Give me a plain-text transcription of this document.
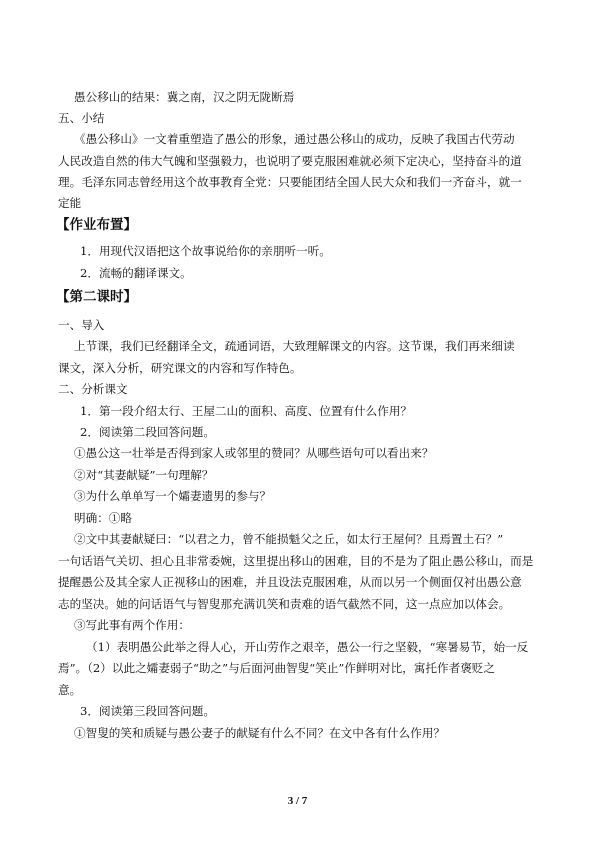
愚公移山的结果：冀之南，汉之阴无陇断焉
五、小结
《愚公移山》一文着重塑造了愚公的形象，通过愚公移山的成功，反映了我国古代劳动
人民改造自然的伟大气魄和坚强毅力，也说明了要克服困难就必须下定决心，坚持奋斗的道
理。毛泽东同志曾经用这个故事教育全党：只要能团结全国人民大众和我们一齐奋斗，就一
定能
【作业布置】
1．用现代汉语把这个故事说给你的亲朋听一听。
2．流畅的翻译课文。
【第二课时】
一、导入
上节课，我们已经翻译全文，疏通词语，大致理解课文的内容。这节课，我们再来细读
课文，深入分析，研究课文的内容和写作特色。
二、分析课文
1．第一段介绍太行、王屋二山的面积、高度、位置有什么作用？
2．阅读第二段回答问题。
①愚公这一壮举是否得到家人或邻里的赞同？从哪些语句可以看出来？
②对“其妻献疑”一句理解？
③为什么单单写一个孀妻遗男的参与？
明确：①略
②文中其妻献疑曰：“以君之力，曾不能损魁父之丘，如太行王屋何？且焉置土石？”
一句话语气关切、担心且非常委婉，这里提出移山的困难，目的不是为了阻止愚公移山，而是
提醒愚公及其全家人正视移山的困难，并且设法克服困难，从而以另一个侧面仅衬出愚公意
志的坚决。她的问话语气与智叟那充满讥笑和责难的语气截然不同，这一点应加以体会。
③写此事有两个作用：
（1）表明愚公此举之得人心，开山劳作之艰辛，愚公一行之坚毅，“寒暑易节，始一反
焉”。（2）以此之孀妻弱子“助之”与后面河曲智叟“笑止”作鲜明对比，寓托作者褒贬之
意。
3．阅读第三段回答问题。
①智叟的笑和质疑与愚公妻子的献疑有什么不同？在文中各有什么作用？
3 / 7
